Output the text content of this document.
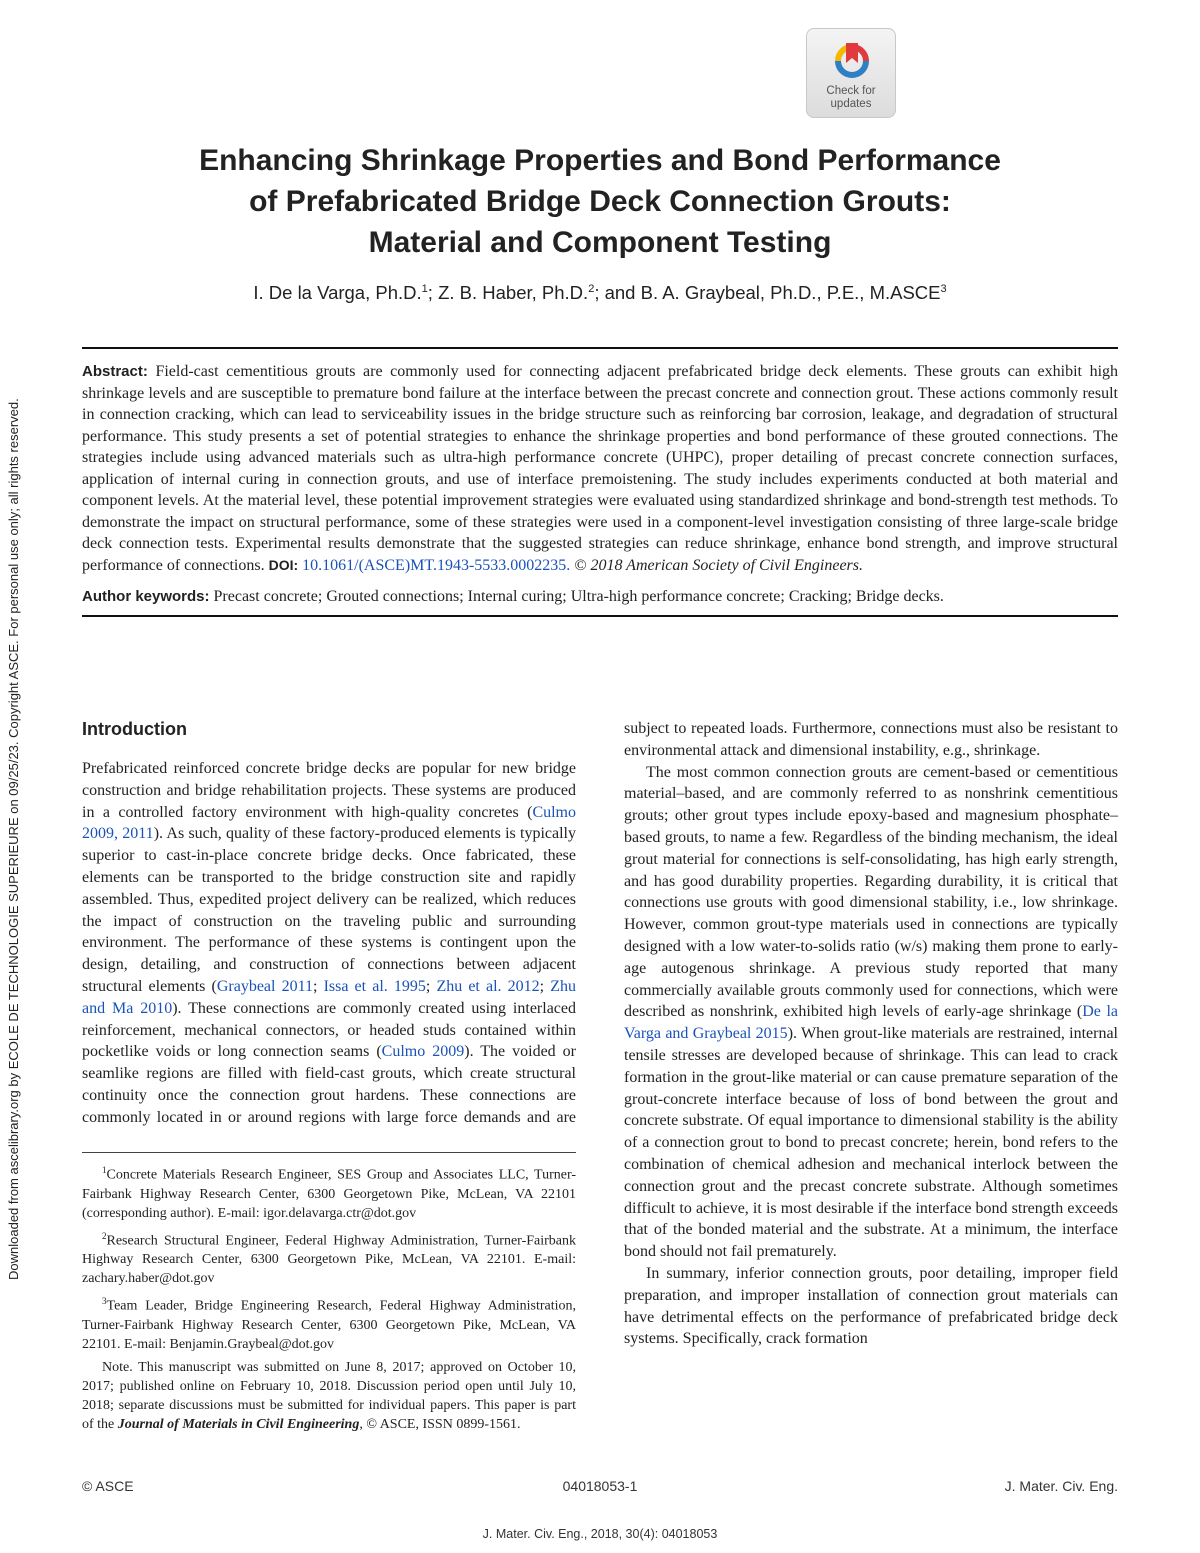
Downloaded from ascelibrary.org by ECOLE DE TECHNOLOGIE SUPERIEURE on 09/25/23. Copyright ASCE. For personal use only; all rights reserved.
Check for
updates
Enhancing Shrinkage Properties and Bond Performance
of Prefabricated Bridge Deck Connection Grouts:
Material and Component Testing
I. De la Varga, Ph.D.$^1$; Z. B. Haber, Ph.D.$^2$; and B. A. Graybeal, Ph.D., P.E., M.ASCE$^3$

Abstract: Field-cast cementitious grouts are commonly used for connecting adjacent prefabricated bridge deck elements. These grouts can exhibit high shrinkage levels and are susceptible to premature bond failure at the interface between the precast concrete and connection grout. These actions commonly result in connection cracking, which can lead to serviceability issues in the bridge structure such as reinforcing bar corrosion, leakage, and degradation of structural performance. This study presents a set of potential strategies to enhance the shrinkage properties and bond performance of these grouted connections. The strategies include using advanced materials such as ultra-high performance concrete (UHPC), proper detailing of precast concrete connection surfaces, application of internal curing in connection grouts, and use of interface premoistening. The study includes experiments conducted at both material and component levels. At the material level, these potential improvement strategies were evaluated using standardized shrinkage and bond-strength test methods. To demonstrate the impact on structural performance, some of these strategies were used in a component-level investigation consisting of three large-scale bridge deck connection tests. Experimental results demonstrate that the suggested strategies can reduce shrinkage, enhance bond strength, and improve structural performance of connections. DOI: 10.1061/(ASCE)MT.1943-5533.0002235. © 2018 American Society of Civil Engineers.

Author keywords: Precast concrete; Grouted connections; Internal curing; Ultra-high performance concrete; Cracking; Bridge decks.

Introduction

Prefabricated reinforced concrete bridge decks are popular for new bridge construction and bridge rehabilitation projects. These systems are produced in a controlled factory environment with high-quality concretes (Culmo 2009, 2011). As such, quality of these factory-produced elements is typically superior to cast-in-place concrete bridge decks. Once fabricated, these elements can be transported to the bridge construction site and rapidly assembled. Thus, expedited project delivery can be realized, which reduces the impact of construction on the traveling public and surrounding environment. The performance of these systems is contingent upon the design, detailing, and construction of connections between adjacent structural elements (Graybeal 2011; Issa et al. 1995; Zhu et al. 2012; Zhu and Ma 2010). These connections are commonly created using interlaced reinforcement, mechanical connectors, or headed studs contained within pocketlike voids or long connection seams (Culmo 2009). The voided or seamlike regions are filled with field-cast grouts, which create structural continuity once the connection grout hardens. These connections are commonly located in or around regions with large force demands and are

subject to repeated loads. Furthermore, connections must also be resistant to environmental attack and dimensional instability, e.g., shrinkage.

The most common connection grouts are cement-based or cementitious material–based, and are commonly referred to as nonshrink cementitious grouts; other grout types include epoxy-based and magnesium phosphate–based grouts, to name a few. Regardless of the binding mechanism, the ideal grout material for connections is self-consolidating, has high early strength, and has good durability properties. Regarding durability, it is critical that connections use grouts with good dimensional stability, i.e., low shrinkage. However, common grout-type materials used in connections are typically designed with a low water-to-solids ratio (w/s) making them prone to early-age autogenous shrinkage. A previous study reported that many commercially available grouts commonly used for connections, which were described as nonshrink, exhibited high levels of early-age shrinkage (De la Varga and Graybeal 2015). When grout-like materials are restrained, internal tensile stresses are developed because of shrinkage. This can lead to crack formation in the grout-like material or can cause premature separation of the grout-concrete interface because of loss of bond between the grout and concrete substrate. Of equal importance to dimensional stability is the ability of a connection grout to bond to precast concrete; herein, bond refers to the combination of chemical adhesion and mechanical interlock between the connection grout and the precast concrete substrate. Although sometimes difficult to achieve, it is most desirable if the interface bond strength exceeds that of the bonded material and the substrate. At a minimum, the interface bond should not fail prematurely.

In summary, inferior connection grouts, poor detailing, improper field preparation, and improper installation of connection grout materials can have detrimental effects on the performance of prefabricated bridge deck systems. Specifically, crack formation

$^1$Concrete Materials Research Engineer, SES Group and Associates LLC, Turner-Fairbank Highway Research Center, 6300 Georgetown Pike, McLean, VA 22101 (corresponding author). E-mail: igor.delavarga.ctr@dot.gov

$^2$Research Structural Engineer, Federal Highway Administration, Turner-Fairbank Highway Research Center, 6300 Georgetown Pike, McLean, VA 22101. E-mail: zachary.haber@dot.gov

$^3$Team Leader, Bridge Engineering Research, Federal Highway Administration, Turner-Fairbank Highway Research Center, 6300 Georgetown Pike, McLean, VA 22101. E-mail: Benjamin.Graybeal@dot.gov

Note. This manuscript was submitted on June 8, 2017; approved on October 10, 2017; published online on February 10, 2018. Discussion period open until July 10, 2018; separate discussions must be submitted for individual papers. This paper is part of the Journal of Materials in Civil Engineering, © ASCE, ISSN 0899-1561.

© ASCE	04018053-1	J. Mater. Civ. Eng.
J. Mater. Civ. Eng., 2018, 30(4): 04018053
